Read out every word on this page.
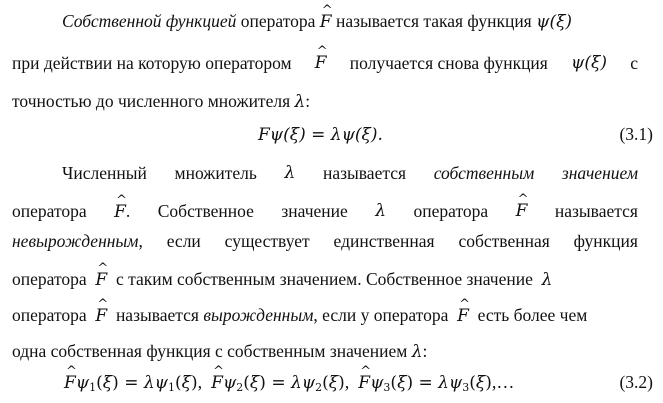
Собственной функцией оператора ^ F называется такая функция ψ(ξ)
при действии на которую оператором ^ F получается снова функция ψ(ξ) с
точностью до численного множителя λ:
Fψ(ξ) = λψ(ξ).	(3.1)
Численный множитель λ называется собственным значением
оператора ^ F. Собственное значение λ оператора ^ F называется
невырожденным, если существует единственная собственная функция
оператора ^ F с таким собственным значением. Собственное значение λ
оператора ^ F называется вырожденным, если у оператора ^ F есть более чем
одна собственная функция с собственным значением λ:
^ $F\psi_1(\xi) = \lambda\psi_1(\xi)$, ^ $F\psi_2(\xi) = \lambda\psi_2(\xi)$, ^ $F\psi_3(\xi)$ = $\lambda\psi_3(\xi),\dots$	(3.2)
